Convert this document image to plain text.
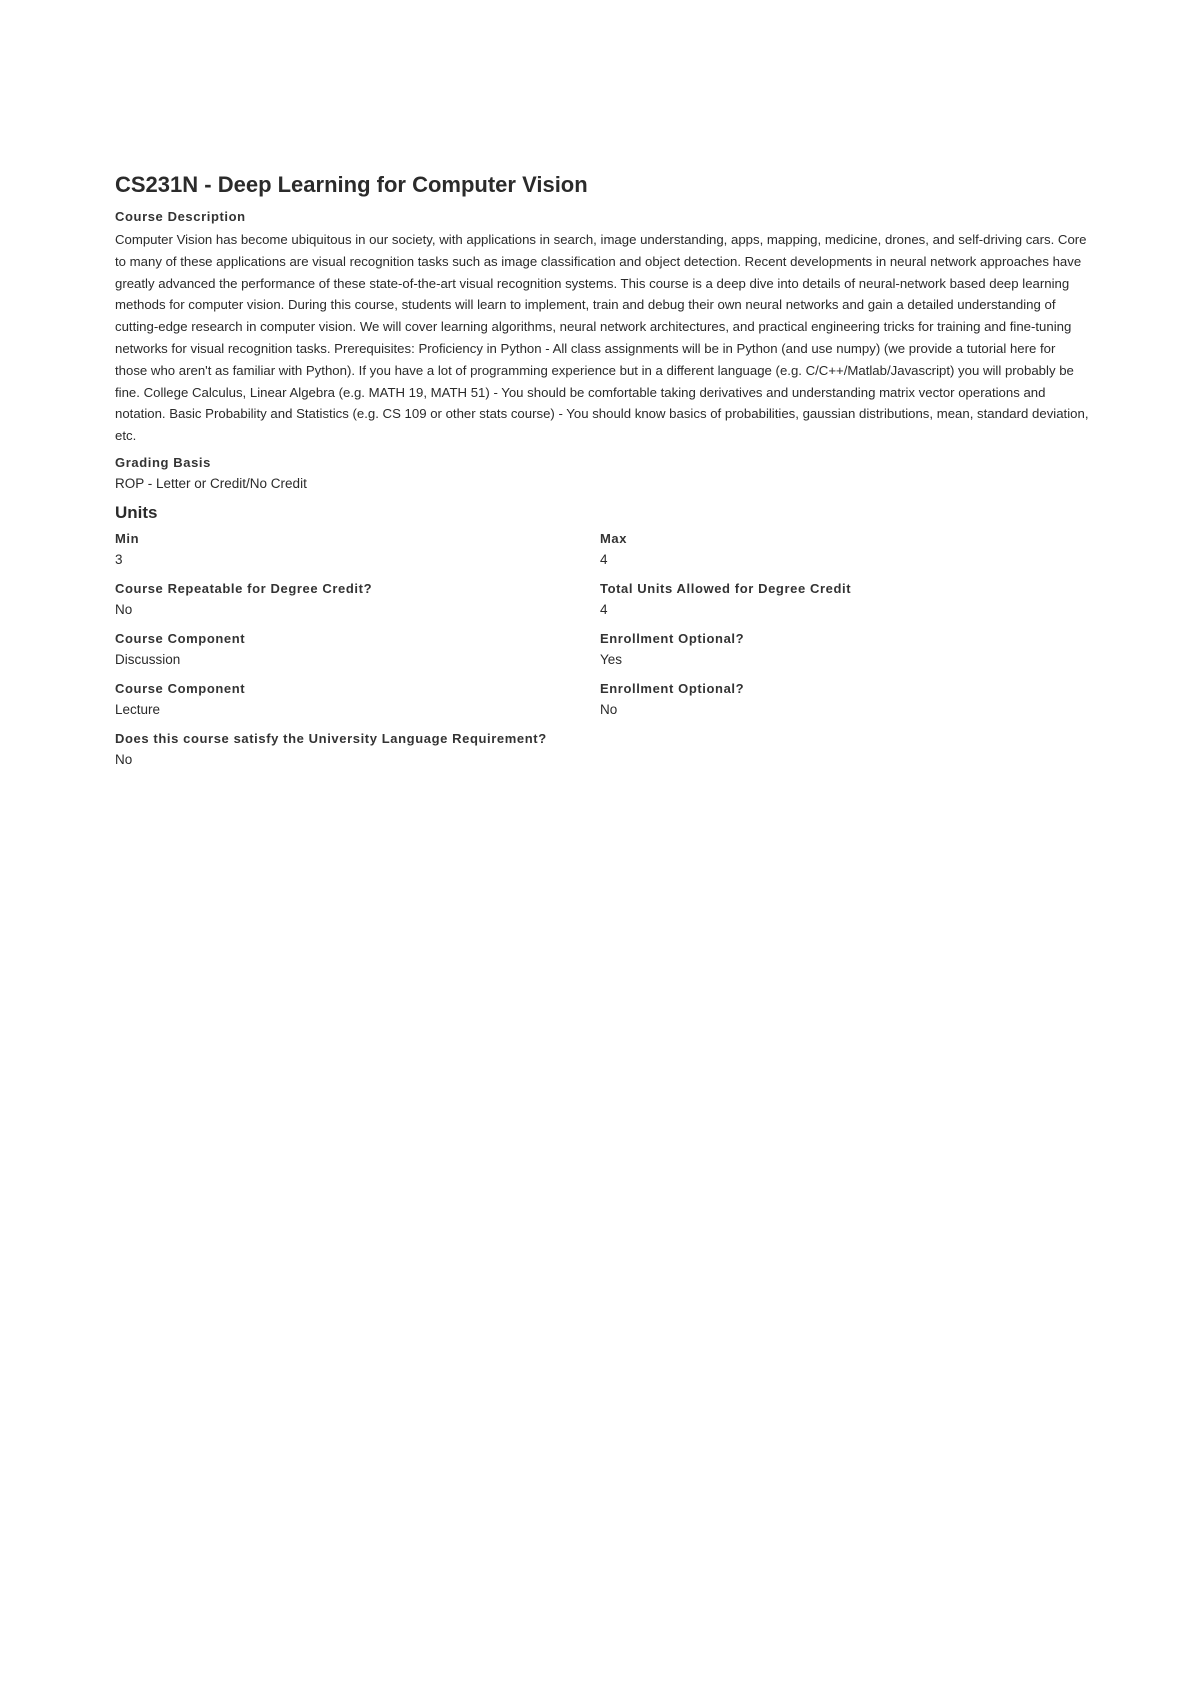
CS231N - Deep Learning for Computer Vision
Course Description

Computer Vision has become ubiquitous in our society, with applications in search, image understanding, apps, mapping, medicine, drones, and self-driving cars. Core to many of these applications are visual recognition tasks such as image classification and object detection. Recent developments in neural network approaches have greatly advanced the performance of these state-of-the-art visual recognition systems. This course is a deep dive into details of neural-network based deep learning methods for computer vision. During this course, students will learn to implement, train and debug their own neural networks and gain a detailed understanding of cutting-edge research in computer vision. We will cover learning algorithms, neural network architectures, and practical engineering tricks for training and fine-tuning networks for visual recognition tasks. Prerequisites: Proficiency in Python - All class assignments will be in Python (and use numpy) (we provide a tutorial here for those who aren't as familiar with Python). If you have a lot of programming experience but in a different language (e.g. C/C++/Matlab/Javascript) you will probably be fine. College Calculus, Linear Algebra (e.g. MATH 19, MATH 51) - You should be comfortable taking derivatives and understanding matrix vector operations and notation. Basic Probability and Statistics (e.g. CS 109 or other stats course) - You should know basics of probabilities, gaussian distributions, mean, standard deviation, etc.

Grading Basis
ROP - Letter or Credit/No Credit
Units
Min
3
Max
4
Course Repeatable for Degree Credit?
No
Total Units Allowed for Degree Credit
4
Course Component
Discussion
Enrollment Optional?
Yes
Course Component
Lecture
Enrollment Optional?
No
Does this course satisfy the University Language Requirement?
No
